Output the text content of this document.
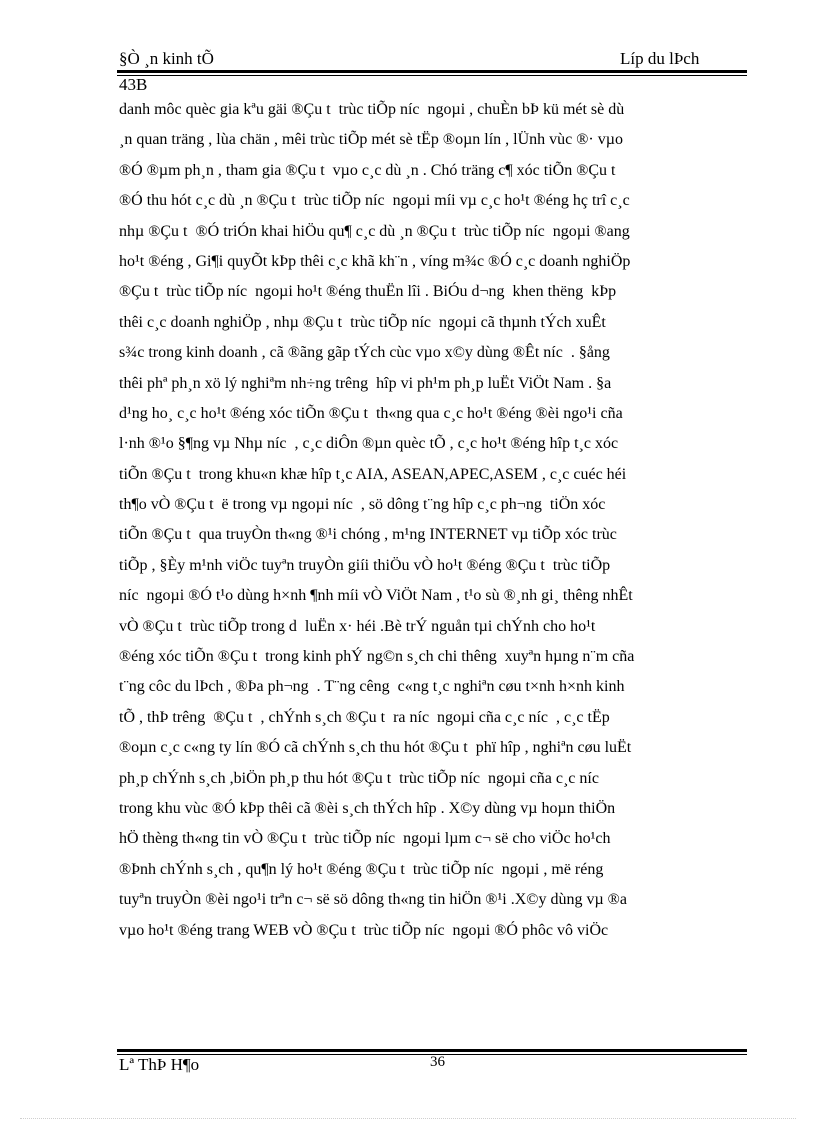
§Ò ¸n kinh tÕ	Líp du lÞch
43B
danh môc quèc gia kªu gäi ®Çu t  trùc tiÕp níc  ngoµi , chuÈn bÞ kü mét sè dù
¸n quan träng , lùa chän , mêi trùc tiÕp mét sè tËp ®oµn lín , lÜnh vùc ®· vµo
®Ó ®µm ph¸n , tham gia ®Çu t  vµo c¸c dù ¸n . Chó träng c¶ xóc tiÕn ®Çu t
®Ó thu hót c¸c dù ¸n ®Çu t  trùc tiÕp níc  ngoµi míi vµ c¸c ho¹t ®éng hç trî c¸c
nhµ ®Çu t  ®Ó triÓn khai hiÖu qu¶ c¸c dù ¸n ®Çu t  trùc tiÕp níc  ngoµi ®ang
ho¹t ®éng , Gi¶i quyÕt kÞp thêi c¸c khã kh¨n , víng m¾c ®Ó c¸c doanh nghiÖp
®Çu t  trùc tiÕp níc  ngoµi ho¹t ®éng thuËn lîi . BiÓu d¬ng  khen thëng  kÞp
thêi c¸c doanh nghiÖp , nhµ ®Çu t  trùc tiÕp níc  ngoµi cã thµnh tÝch xuÊt
s¾c trong kinh doanh , cã ®ãng gãp tÝch cùc vµo x©y dùng ®Êt níc  . §ång
thêi phª ph¸n xö lý nghiªm nh÷ng trêng  hîp vi ph¹m ph¸p luËt ViÖt Nam . §a
d¹ng ho¸ c¸c ho¹t ®éng xóc tiÕn ®Çu t  th«ng qua c¸c ho¹t ®éng ®èi ngo¹i cña
l·nh ®¹o §¶ng vµ Nhµ níc  , c¸c diÔn ®µn quèc tÕ , c¸c ho¹t ®éng hîp t¸c xóc
tiÕn ®Çu t  trong khu«n khæ hîp t¸c AIA, ASEAN,APEC,ASEM , c¸c cuéc héi
th¶o vÒ ®Çu t  ë trong vµ ngoµi níc  , sö dông t¨ng hîp c¸c ph¬ng  tiÖn xóc
tiÕn ®Çu t  qua truyÒn th«ng ®¹i chóng , m¹ng INTERNET vµ tiÕp xóc trùc
tiÕp , §Èy m¹nh viÖc tuyªn truyÒn giíi thiÖu vÒ ho¹t ®éng ®Çu t  trùc tiÕp
níc  ngoµi ®Ó t¹o dùng h×nh ¶nh míi vÒ ViÖt Nam , t¹o sù ®¸nh gi¸ thêng nhÊt
vÒ ®Çu t  trùc tiÕp trong d  luËn x· héi .Bè trÝ nguån tµi chÝnh cho ho¹t
®éng xóc tiÕn ®Çu t  trong kinh phÝ ng©n s¸ch chi thêng  xuyªn hµng n¨m cña
t¨ng côc du lÞch , ®Þa ph¬ng  . T¨ng cêng  c«ng t¸c nghiªn cøu t×nh h×nh kinh
tÕ , thÞ trêng  ®Çu t  , chÝnh s¸ch ®Çu t  ra níc  ngoµi cña c¸c níc  , c¸c tËp
®oµn c¸c c«ng ty lín ®Ó cã chÝnh s¸ch thu hót ®Çu t  phï hîp , nghiªn cøu luËt
ph¸p chÝnh s¸ch ,biÖn ph¸p thu hót ®Çu t  trùc tiÕp níc  ngoµi cña c¸c níc
trong khu vùc ®Ó kÞp thêi cã ®èi s¸ch thÝch hîp . X©y dùng vµ hoµn thiÖn
hÖ thèng th«ng tin vÒ ®Çu t  trùc tiÕp níc  ngoµi lµm c¬ së cho viÖc ho¹ch
®Þnh chÝnh s¸ch , qu¶n lý ho¹t ®éng ®Çu t  trùc tiÕp níc  ngoµi , më réng
tuyªn truyÒn ®èi ngo¹i trªn c¬ së sö dông th«ng tin hiÖn ®¹i .X©y dùng vµ ®a
vµo ho¹t ®éng trang WEB vÒ ®Çu t  trùc tiÕp níc  ngoµi ®Ó phôc vô viÖc
Lª ThÞ H¶o	36
